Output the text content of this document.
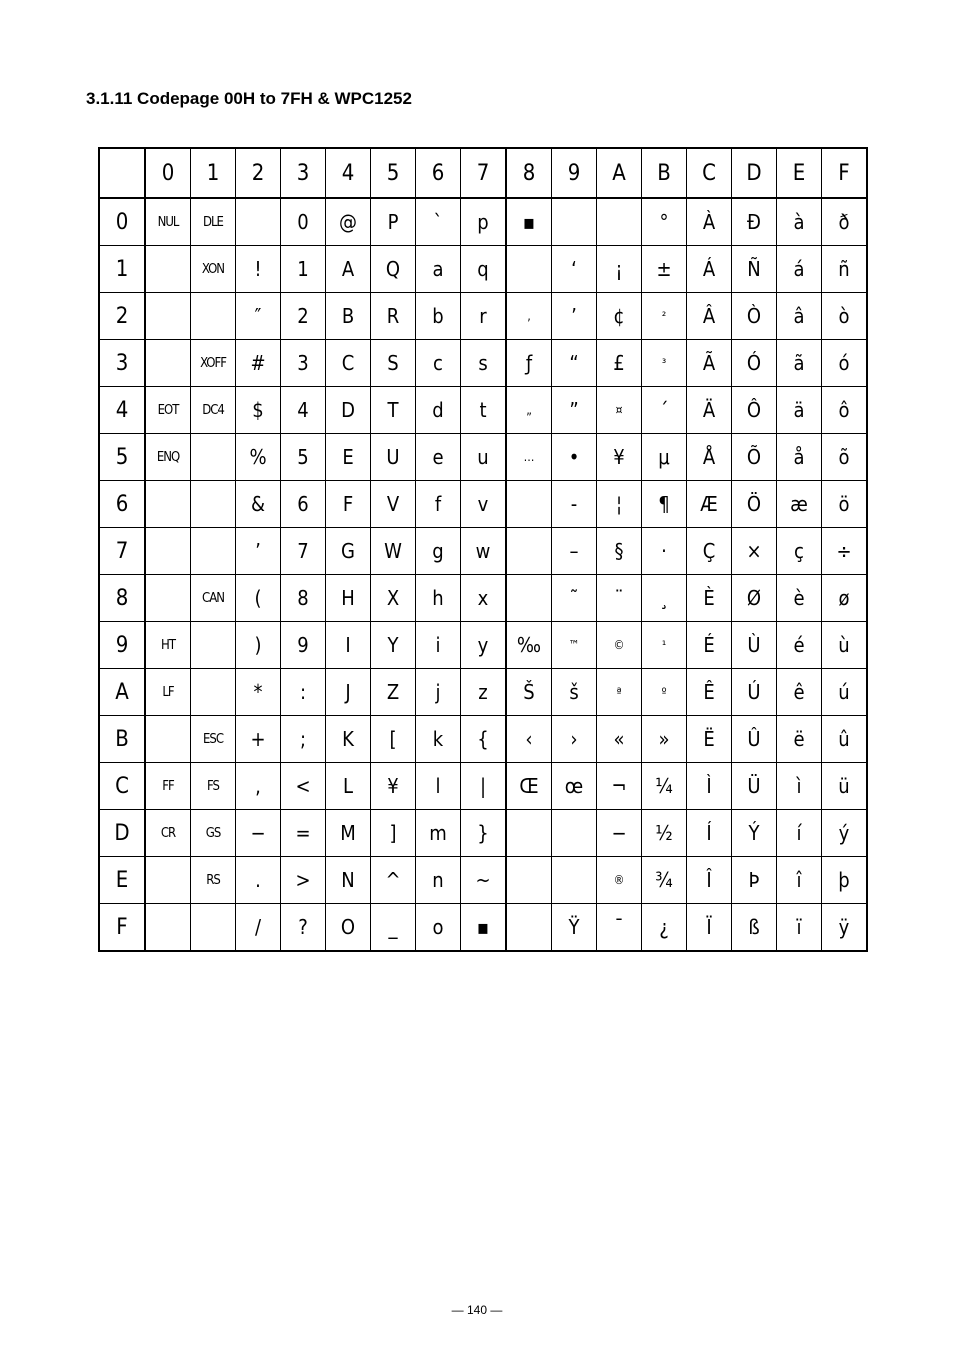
3.1.11 Codepage 00H to 7FH & WPC1252
	0	1	2	3	4	5	6	7	8	9	A	B	C	D	E	F
0	NUL	DLE		0	@	P	`	p	▪			°	À	Đ	à	ð
1		XON	!	1	A	Q	a	q		‘	¡	±	Á	Ñ	á	ñ
2			″	2	B	R	b	r	‚	’	¢	²	Â	Ò	â	ò
3		XOFF	#	3	C	S	c	s	ƒ	“	£	³	Ã	Ó	ã	ó
4	EOT	DC4	$	4	D	T	d	t	„	”	¤	´	Ä	Ô	ä	ô
5	ENQ		%	5	E	U	e	u	…	•	¥	μ	Å	Õ	å	õ
6			&	6	F	V	f	v		-	¦	¶	Æ	Ö	æ	ö
7			’	7	G	W	g	w		–	§	·	Ç	×	ç	÷
8		CAN	(	8	H	X	h	x		˜	¨	¸	È	Ø	è	ø
9	HT		)	9	I	Y	i	y	‰	™	©	¹	É	Ù	é	ù
A	LF		*	:	J	Z	j	z	Š	š	ª	º	Ê	Ú	ê	ú
B		ESC	+	;	K	[	k	{	‹	›	«	»	Ë	Û	ë	û
C	FF	FS	,	<	L	¥	l	|	Œ	œ	¬	¼	Ì	Ü	ì	ü
D	CR	GS	−	=	M	]	m	}			−	½	Í	Ý	í	ý
E		RS	.	>	N	^	n	~			®	¾	Î	Þ	î	þ
F			/	?	O	_	o	▪		Ÿ	¯	¿	Ï	ß	ï	ÿ
— 140 —
